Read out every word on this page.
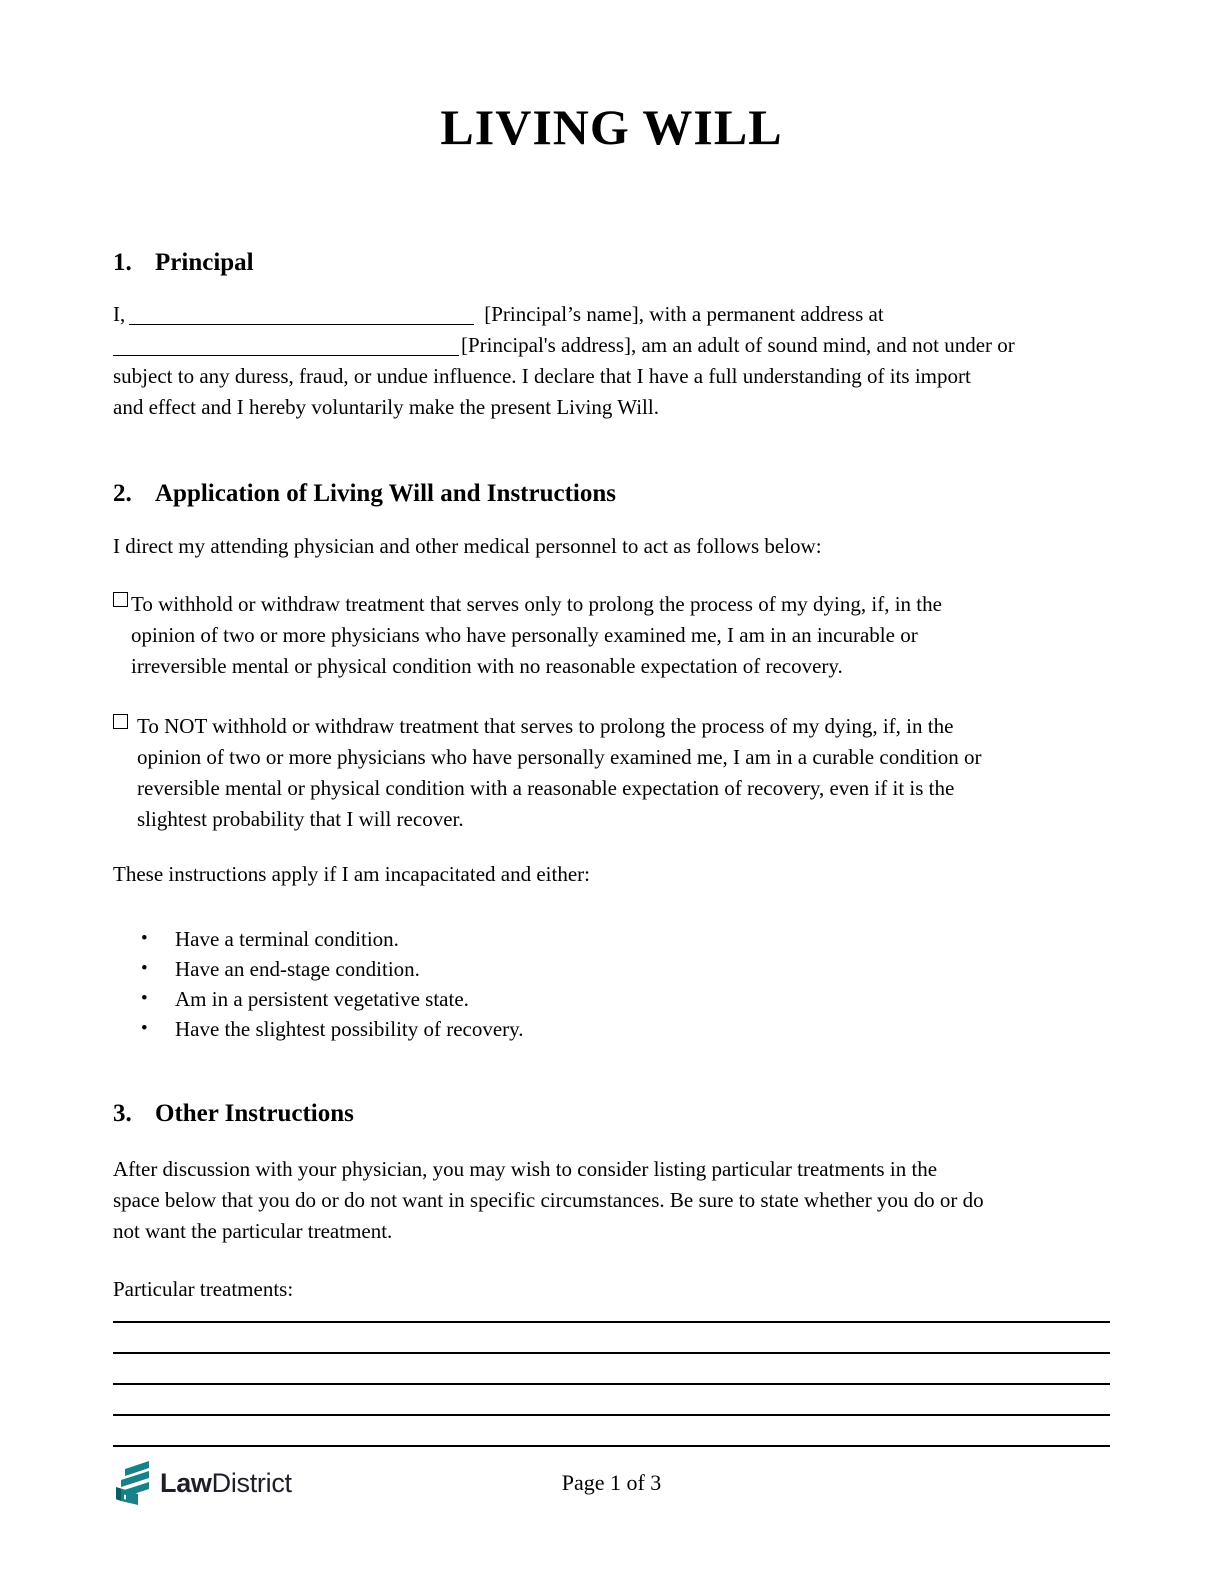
LIVING WILL
1. Principal

I,	[Principal’s name], with a permanent address at
[Principal's address], am an adult of sound mind, and not under or
subject to any duress, fraud, or undue influence. I declare that I have a full understanding of its import
and effect and I hereby voluntarily make the present Living Will.

2. Application of Living Will and Instructions
I direct my attending physician and other medical personnel to act as follows below:
To withhold or withdraw treatment that serves only to prolong the process of my dying, if, in the
opinion of two or more physicians who have personally examined me, I am in an incurable or
irreversible mental or physical condition with no reasonable expectation of recovery.
To NOT withhold or withdraw treatment that serves to prolong the process of my dying, if, in the
opinion of two or more physicians who have personally examined me, I am in a curable condition or
reversible mental or physical condition with a reasonable expectation of recovery, even if it is the
slightest probability that I will recover.
These instructions apply if I am incapacitated and either:
• Have a terminal condition.
• Have an end-stage condition.
• Am in a persistent vegetative state.
• Have the slightest possibility of recovery.
3. Other Instructions
After discussion with your physician, you may wish to consider listing particular treatments in the
space below that you do or do not want in specific circumstances. Be sure to state whether you do or do
not want the particular treatment.
Particular treatments:
Law District	Page 1 of 3
